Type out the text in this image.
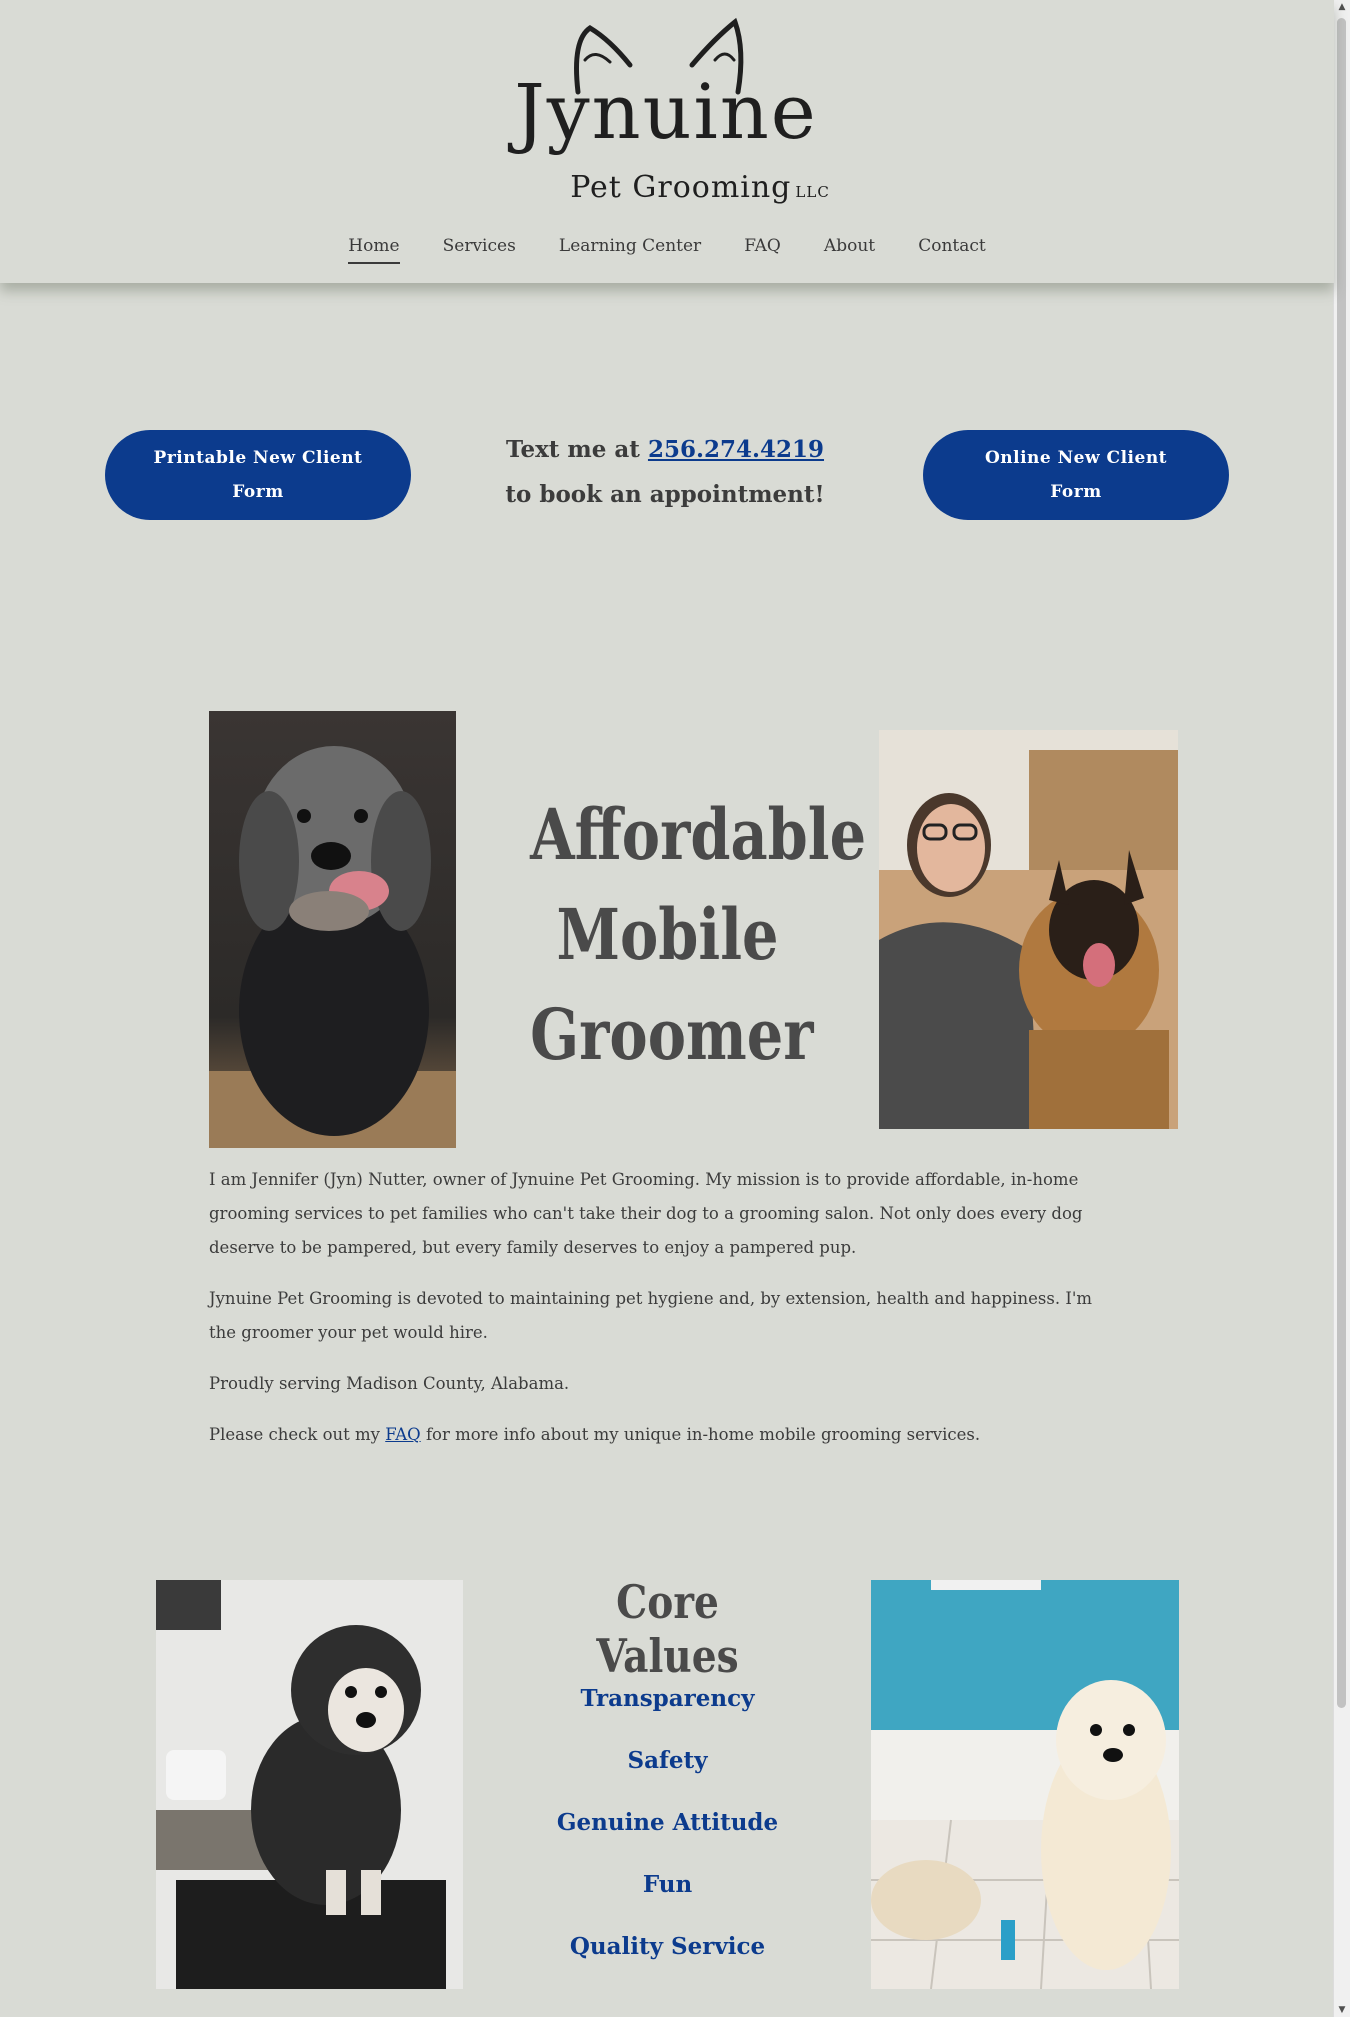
Jynuine
Pet Grooming LLC
Home	Services	Learning Center	FAQ	About	Contact
Printable New Client Form
Text me at 256.274.4219 to book an appointment!
Online New Client Form
Affordable
Mobile
Groomer

I am Jennifer (Jyn) Nutter, owner of Jynuine Pet Grooming. My mission is to provide affordable, in-home grooming services to pet families who can't take their dog to a grooming salon. Not only does every dog deserve to be pampered, but every family deserves to enjoy a pampered pup.

Jynuine Pet Grooming is devoted to maintaining pet hygiene and, by extension, health and happiness. I'm the groomer your pet would hire.

Proudly serving Madison County, Alabama.

Please check out my FAQ for more info about my unique in-home mobile grooming services.

Core Values
Transparency
Safety
Genuine Attitude
Fun
Quality Service
▲
▼
